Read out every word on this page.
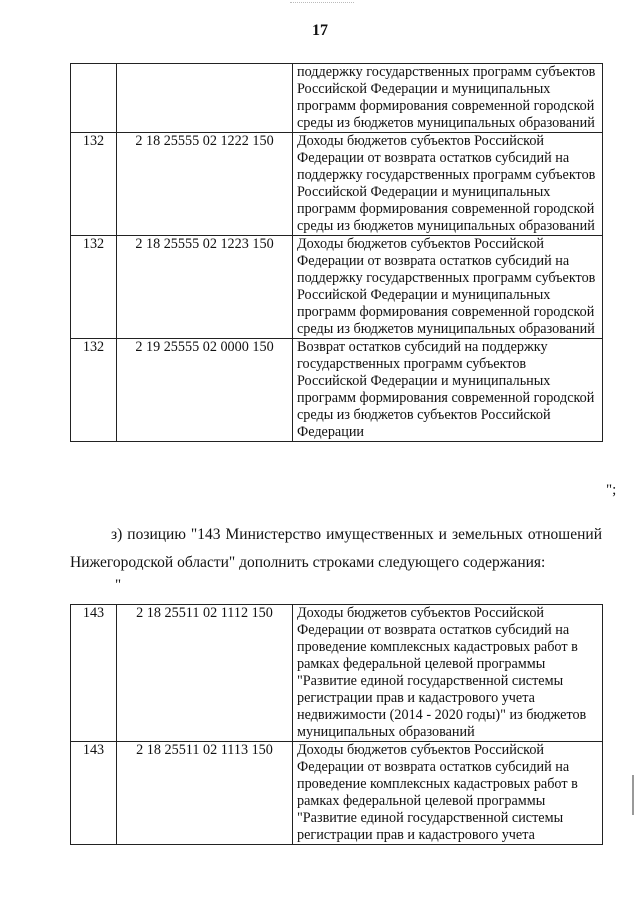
17
		поддержку государственных программ субъектов Российской Федерации и муниципальных программ формирования современной городской среды из бюджетов муниципальных образований
132	2 18 25555 02 1222 150	Доходы бюджетов субъектов Российской Федерации от возврата остатков субсидий на поддержку государственных программ субъектов Российской Федерации и муниципальных программ формирования современной городской среды из бюджетов муниципальных образований
132	2 18 25555 02 1223 150	Доходы бюджетов субъектов Российской Федерации от возврата остатков субсидий на поддержку государственных программ субъектов Российской Федерации и муниципальных программ формирования современной городской среды из бюджетов муниципальных образований
132	2 19 25555 02 0000 150	Возврат остатков субсидий на поддержку государственных программ субъектов Российской Федерации и муниципальных программ формирования современной городской среды из бюджетов субъектов Российской Федерации
";
з) позицию "143 Министерство имущественных и земельных отношений
Нижегородской области" дополнить строками следующего содержания:
"
143	2 18 25511 02 1112 150	Доходы бюджетов субъектов Российской Федерации от возврата остатков субсидий на проведение комплексных кадастровых работ в рамках федеральной целевой программы "Развитие единой государственной системы регистрации прав и кадастрового учета недвижимости (2014 - 2020 годы)" из бюджетов муниципальных образований
143	2 18 25511 02 1113 150	Доходы бюджетов субъектов Российской Федерации от возврата остатков субсидий на проведение комплексных кадастровых работ в рамках федеральной целевой программы "Развитие единой государственной системы регистрации прав и кадастрового учета
